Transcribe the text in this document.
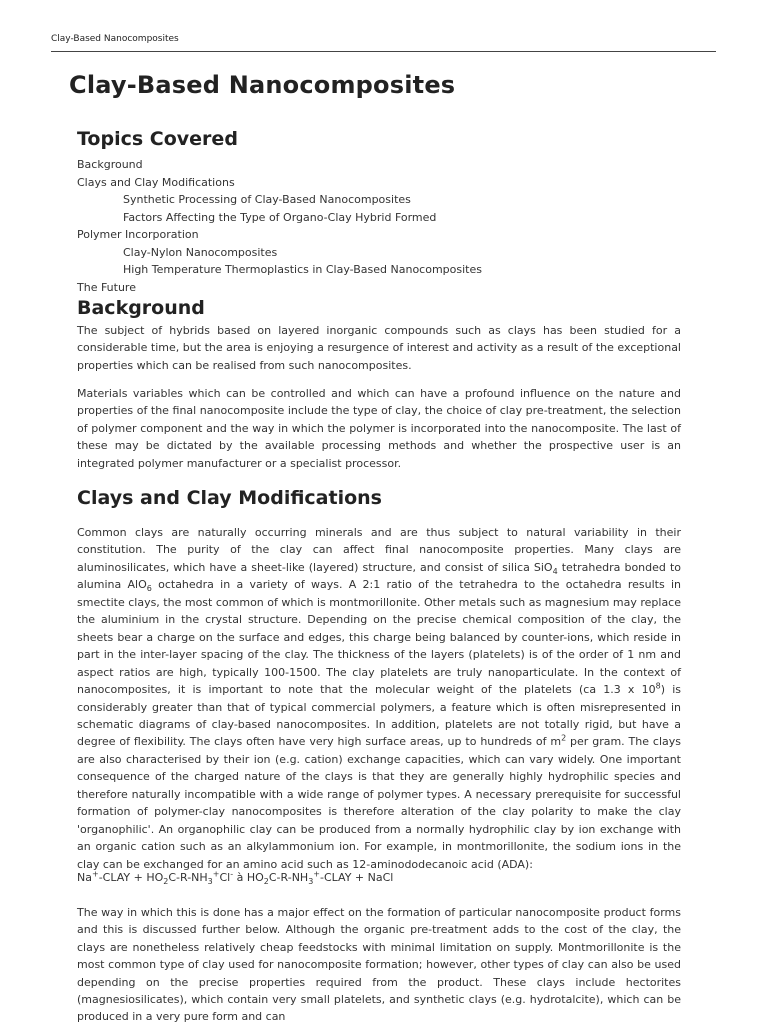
Clay-Based Nanocomposites
Clay-Based Nanocomposites
Topics Covered
Background
Clays and Clay Modifications
Synthetic Processing of Clay-Based Nanocomposites
Factors Affecting the Type of Organo-Clay Hybrid Formed
Polymer Incorporation
Clay-Nylon Nanocomposites
High Temperature Thermoplastics in Clay-Based Nanocomposites
The Future
Background

The subject of hybrids based on layered inorganic compounds such as clays has been studied for a considerable time, but the area is enjoying a resurgence of interest and activity as a result of the exceptional properties which can be realised from such nanocomposites.

Materials variables which can be controlled and which can have a profound influence on the nature and properties of the final nanocomposite include the type of clay, the choice of clay pre-treatment, the selection of polymer component and the way in which the polymer is incorporated into the nanocomposite. The last of these may be dictated by the available processing methods and whether the prospective user is an integrated polymer manufacturer or a specialist processor.

Clays and Clay Modifications

Common clays are naturally occurring minerals and are thus subject to natural variability in their constitution. The purity of the clay can affect final nanocomposite properties. Many clays are aluminosilicates, which have a sheet-like (layered) structure, and consist of silica SiO$_4$ tetrahedra bonded to alumina AlO$_6$ octahedra in a variety of ways. A 2:1 ratio of the tetrahedra to the octahedra results in smectite clays, the most common of which is montmorillonite. Other metals such as magnesium may replace the aluminium in the crystal structure. Depending on the precise chemical composition of the clay, the sheets bear a charge on the surface and edges, this charge being balanced by counter-ions, which reside in part in the inter-layer spacing of the clay. The thickness of the layers (platelets) is of the order of 1 nm and aspect ratios are high, typically 100-1500. The clay platelets are truly nanoparticulate. In the context of nanocomposites, it is important to note that the molecular weight of the platelets (ca 1.3 x $10^8$) is considerably greater than that of typical commercial polymers, a feature which is often misrepresented in schematic diagrams of clay-based nanocomposites. In addition, platelets are not totally rigid, but have a degree of flexibility. The clays often have very high surface areas, up to hundreds of $m^2$ per gram. The clays are also characterised by their ion (e.g. cation) exchange capacities, which can vary widely. One important consequence of the charged nature of the clays is that they are generally highly hydrophilic species and therefore naturally incompatible with a wide range of polymer types. A necessary prerequisite for successful formation of polymer-clay nanocomposites is therefore alteration of the clay polarity to make the clay 'organophilic'. An organophilic clay can be produced from a normally hydrophilic clay by ion exchange with an organic cation such as an alkylammonium ion. For example, in montmorillonite, the sodium ions in the clay can be exchanged for an amino acid such as 12-aminododecanoic acid (ADA):

Na+-CLAY + $HO_2C-R-NH_3^+Cl^-$ à $HO_2C-R-NH_3^+$-CLAY + NaCl

The way in which this is done has a major effect on the formation of particular nanocomposite product forms and this is discussed further below. Although the organic pre-treatment adds to the cost of the clay, the clays are nonetheless relatively cheap feedstocks with minimal limitation on supply. Montmorillonite is the most common type of clay used for nanocomposite formation; however, other types of clay can also be used depending on the precise properties required from the product. These clays include hectorites (magnesiosilicates), which contain very small platelets, and synthetic clays (e.g. hydrotalcite), which can be produced in a very pure form and can
